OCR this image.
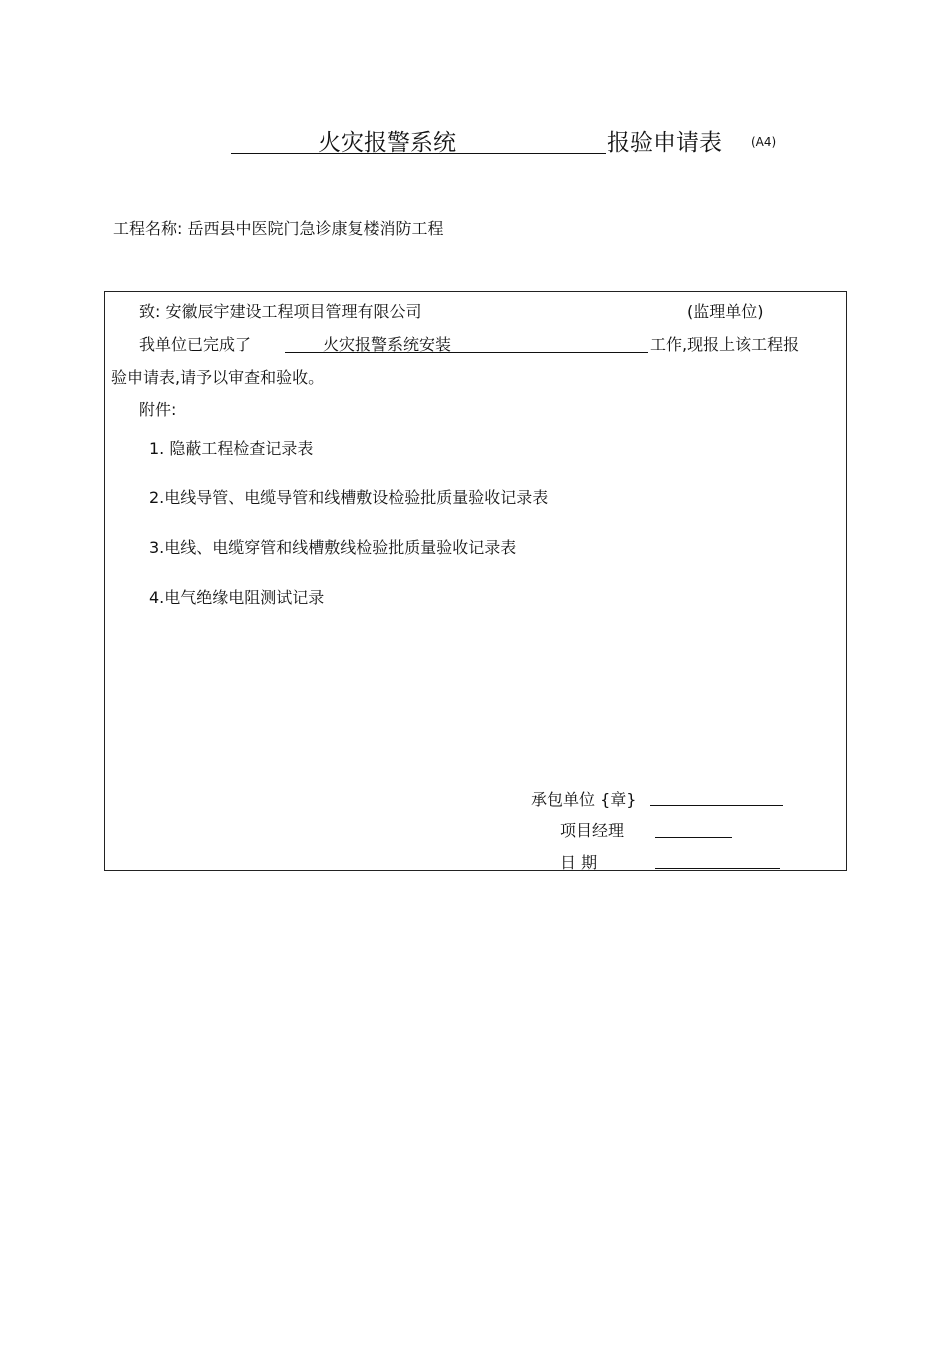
火灾报警系统	报验申请表 (A4)
工程名称: 岳西县中医院门急诊康复楼消防工程
致: 安徽辰宇建设工程项目管理有限公司	(监理单位)
我单位已完成了	火灾报警系统安装	工作,现报上该工程报
验申请表,请予以审查和验收。
附件:
1. 隐蔽工程检查记录表
2.电线导管、电缆导管和线槽敷设检验批质量验收记录表
3.电线、电缆穿管和线槽敷线检验批质量验收记录表
4.电气绝缘电阻测试记录
承包单位 {章}
项目经理
日 期
